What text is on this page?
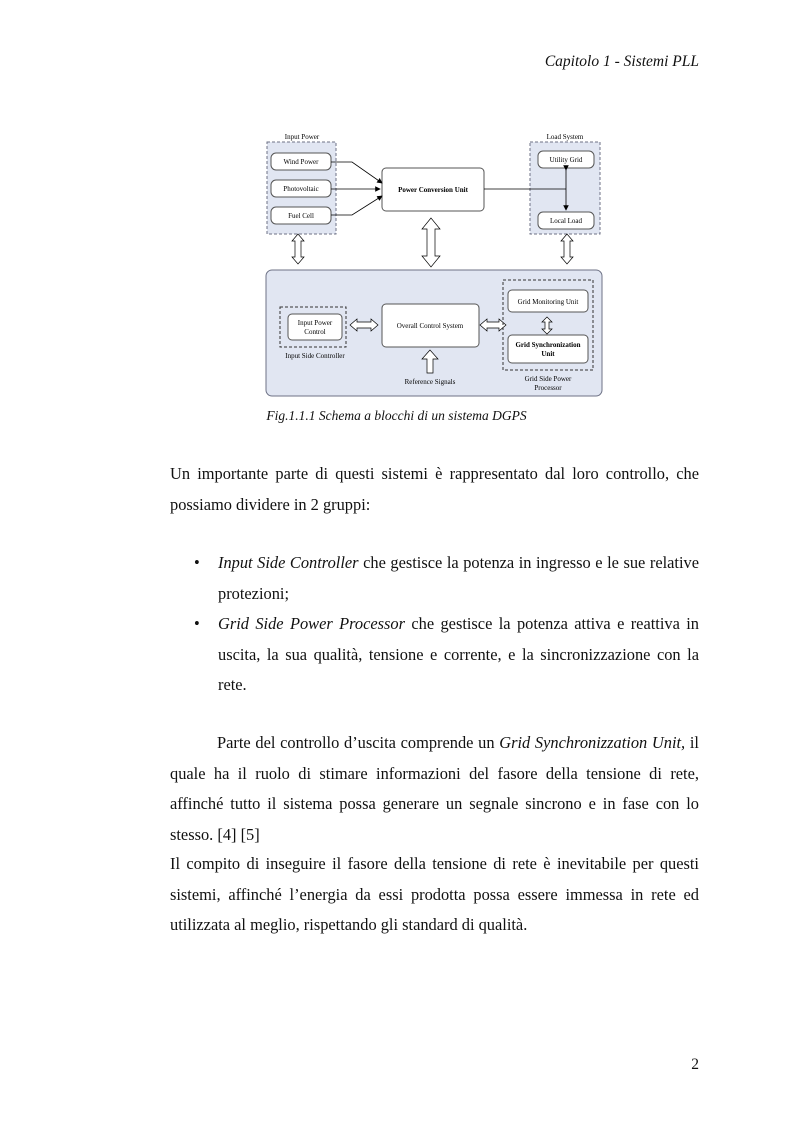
Capitolo 1 - Sistemi PLL
Input Power
Wind Power
Photovoltaic
Fuel Cell
Power Conversion Unit
Load System
Utility Grid
Local Load
Input Power
Control
Input Side Controller
Overall Control System
Reference Signals
Grid Monitoring Unit
Grid Synchronization
Unit
Grid Side Power
Processor
Fig.1.1.1 Schema a blocchi di un sistema DGPS

Un importante parte di questi sistemi è rappresentato dal loro controllo, che possiamo dividere in 2 gruppi:

• Input Side Controller che gestisce la potenza in ingresso e le sue relative protezioni;
• Grid Side Power Processor che gestisce la potenza attiva e reattiva in uscita, la sua qualità, tensione e corrente, e la sincronizzazione con la rete.

Parte del controllo d’uscita comprende un Grid Synchronizzation Unit, il quale ha il ruolo di stimare informazioni del fasore della tensione di rete, affinché tutto il sistema possa generare un segnale sincrono e in fase con lo stesso. [4] [5]

Il compito di inseguire il fasore della tensione di rete è inevitabile per questi sistemi, affinché l’energia da essi prodotta possa essere immessa in rete ed utilizzata al meglio, rispettando gli standard di qualità.

2
